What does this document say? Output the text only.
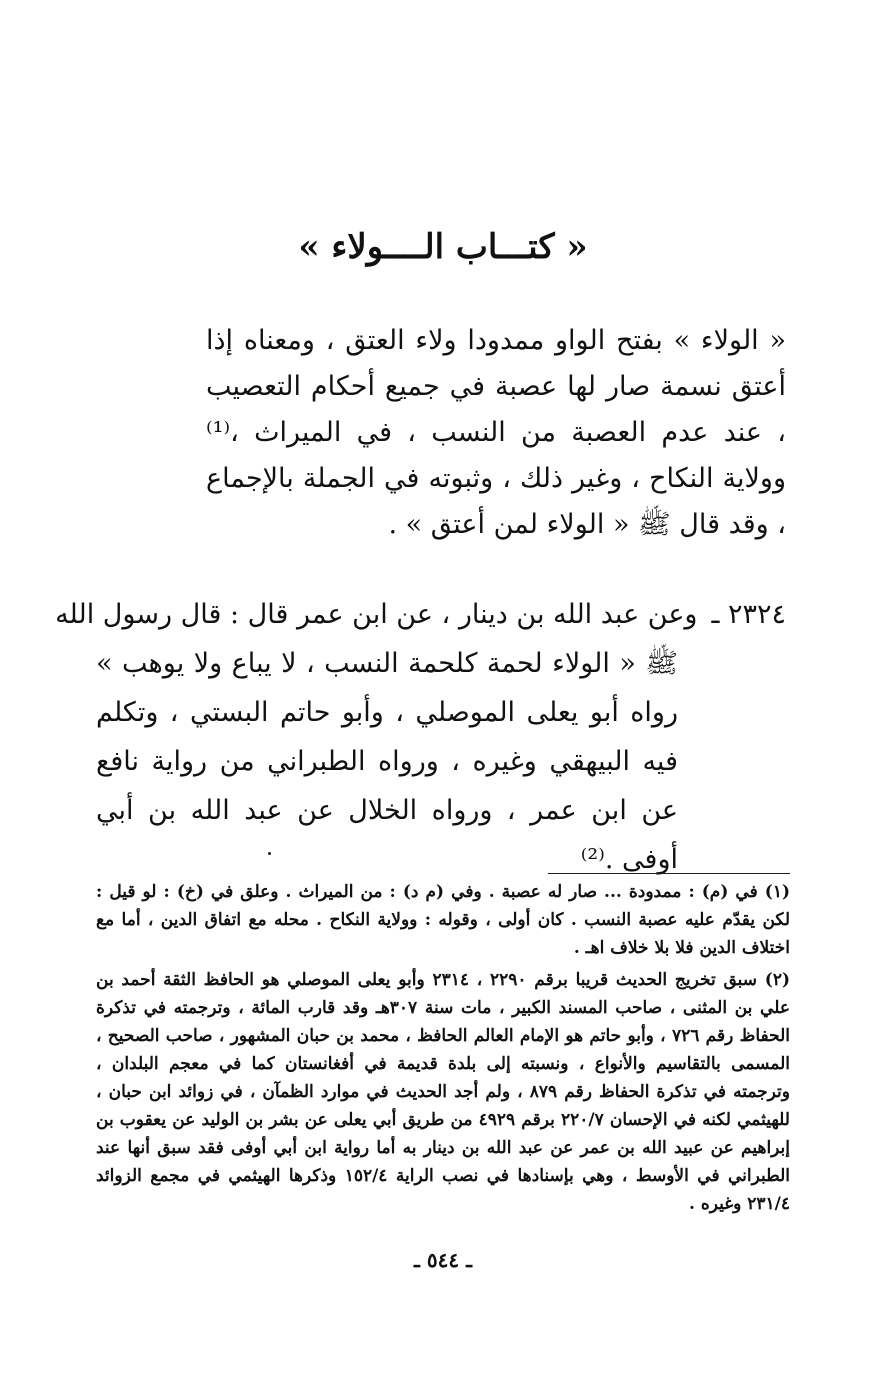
« كتـــاب الــــولاء »

« الولاء » بفتح الواو ممدودا ولاء العتق ، ومعناه إذا أعتق نسمة صار لها عصبة في جميع أحكام التعصيب ، عند عدم العصبة من النسب ، في الميراث ،⁽¹⁾ وولاية النكاح ، وغير ذلك ، وثبوته في الجملة بالإجماع ، وقد قال ﷺ « الولاء لمن أعتق » .

٢٣٢٤ ـ
وعن عبد الله بن دينار ، عن ابن عمر قال : قال رسول الله

ﷺ « الولاء لحمة كلحمة النسب ، لا يباع ولا يوهب » رواه أبو يعلى الموصلي ، وأبو حاتم البستي ، وتكلم فيه البيهقي وغيره ، ورواه الطبراني من رواية نافع عن ابن عمر ، ورواه الخلال عن عبد الله بن أبي أوفى .⁽²⁾

(١) في (م) : ممدودة ... صار له عصبة . وفي (م د) : من الميراث . وعلق في (خ) : لو قيل : لكن يقدّم عليه عصبة النسب . كان أولى ، وقوله : وولاية النكاح . محله مع اتفاق الدين ، أما مع اختلاف الدين فلا بلا خلاف اهـ .

(٢) سبق تخريج الحديث قريبا برقم ٢٢٩٠ ، ٢٣١٤ وأبو يعلى الموصلي هو الحافظ الثقة أحمد بن علي بن المثنى ، صاحب المسند الكبير ، مات سنة ٣٠٧هـ وقد قارب المائة ، وترجمته في تذكرة الحفاظ رقم ٧٢٦ ، وأبو حاتم هو الإمام العالم الحافظ ، محمد بن حبان المشهور ، صاحب الصحيح ، المسمى بالتقاسيم والأنواع ، ونسبته إلى بلدة قديمة في أفغانستان كما في معجم البلدان ، وترجمته في تذكرة الحفاظ رقم ٨٧٩ ، ولم أجد الحديث في موارد الظمآن ، في زوائد ابن حبان ، للهيثمي لكنه في الإحسان ٢٢٠/٧ برقم ٤٩٢٩ من طريق أبي يعلى عن بشر بن الوليد عن يعقوب بن إبراهيم عن عبيد الله بن عمر عن عبد الله بن دينار به أما رواية ابن أبي أوفى فقد سبق أنها عند الطبراني في الأوسط ، وهي بإسنادها في نصب الراية ١٥٢/٤ وذكرها الهيثمي في مجمع الزوائد ٢٣١/٤ وغيره .

ـ ٥٤٤ ـ
